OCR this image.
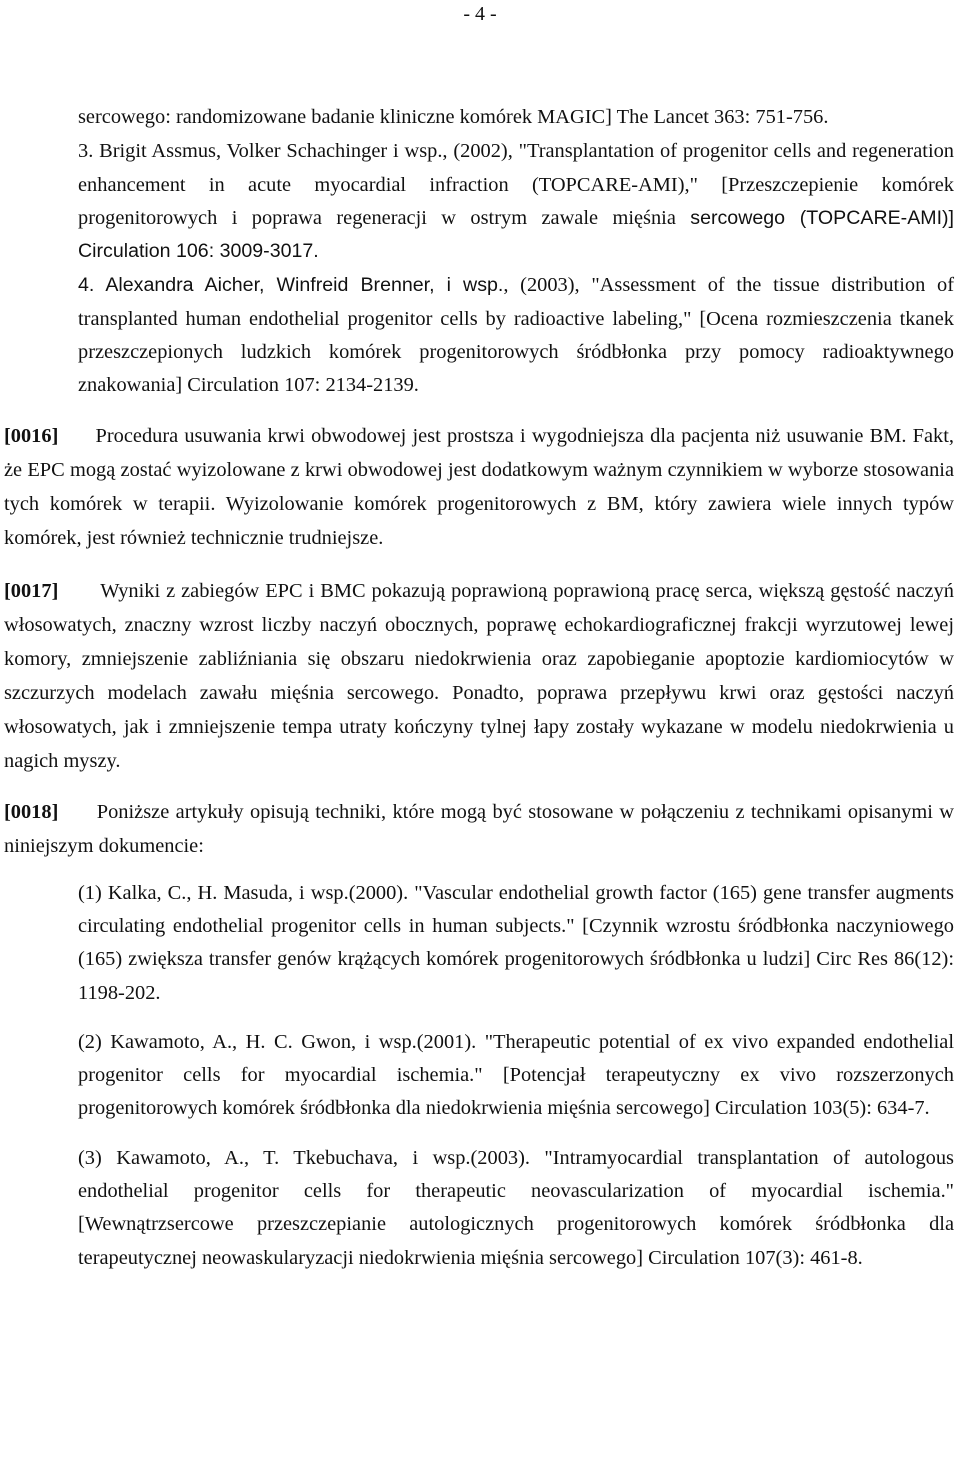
- 4 -

sercowego: randomizowane badanie kliniczne komórek MAGIC] The Lancet 363: 751-756.

3. Brigit Assmus, Volker Schachinger i wsp., (2002), "Transplantation of progenitor cells and regeneration enhancement in acute myocardial infraction (TOPCARE-AMI)," [Przeszczepienie komórek progenitorowych i poprawa regeneracji w ostrym zawale mięśnia sercowego (TOPCARE-AMI)] Circulation 106: 3009-3017.

4. Alexandra Aicher, Winfreid Brenner, i wsp., (2003), "Assessment of the tissue distribution of transplanted human endothelial progenitor cells by radioactive labeling," [Ocena rozmieszczenia tkanek przeszczepionych ludzkich komórek progenitorowych śródbłonka przy pomocy radioaktywnego znakowania] Circulation 107: 2134-2139.

[0016] Procedura usuwania krwi obwodowej jest prostsza i wygodniejsza dla pacjenta niż usuwanie BM. Fakt, że EPC mogą zostać wyizolowane z krwi obwodowej jest dodatkowym ważnym czynnikiem w wyborze stosowania tych komórek w terapii. Wyizolowanie komórek progenitorowych z BM, który zawiera wiele innych typów komórek, jest również technicznie trudniejsze.

[0017] Wyniki z zabiegów EPC i BMC pokazują poprawioną poprawioną pracę serca, większą gęstość naczyń włosowatych, znaczny wzrost liczby naczyń obocznych, poprawę echokardiograficznej frakcji wyrzutowej lewej komory, zmniejszenie zabliźniania się obszaru niedokrwienia oraz zapobieganie apoptozie kardiomiocytów w szczurzych modelach zawału mięśnia sercowego. Ponadto, poprawa przepływu krwi oraz gęstości naczyń włosowatych, jak i zmniejszenie tempa utraty kończyny tylnej łapy zostały wykazane w modelu niedokrwienia u nagich myszy.

[0018] Poniższe artykuły opisują techniki, które mogą być stosowane w połączeniu z technikami opisanymi w niniejszym dokumencie:

(1) Kalka, C., H. Masuda, i wsp.(2000). "Vascular endothelial growth factor (165) gene transfer augments circulating endothelial progenitor cells in human subjects." [Czynnik wzrostu śródbłonka naczyniowego (165) zwiększa transfer genów krążących komórek progenitorowych śródbłonka u ludzi] Circ Res 86(12): 1198-202.

(2) Kawamoto, A., H. C. Gwon, i wsp.(2001). "Therapeutic potential of ex vivo expanded endothelial progenitor cells for myocardial ischemia." [Potencjał terapeutyczny ex vivo rozszerzonych progenitorowych komórek śródbłonka dla niedokrwienia mięśnia sercowego] Circulation 103(5): 634-7.

(3) Kawamoto, A., T. Tkebuchava, i wsp.(2003). "Intramyocardial transplantation of autologous endothelial progenitor cells for therapeutic neovascularization of myocardial ischemia." [Wewnątrzsercowe przeszczepianie autologicznych progenitorowych komórek śródbłonka dla terapeutycznej neowaskularyzacji niedokrwienia mięśnia sercowego] Circulation 107(3): 461-8.
